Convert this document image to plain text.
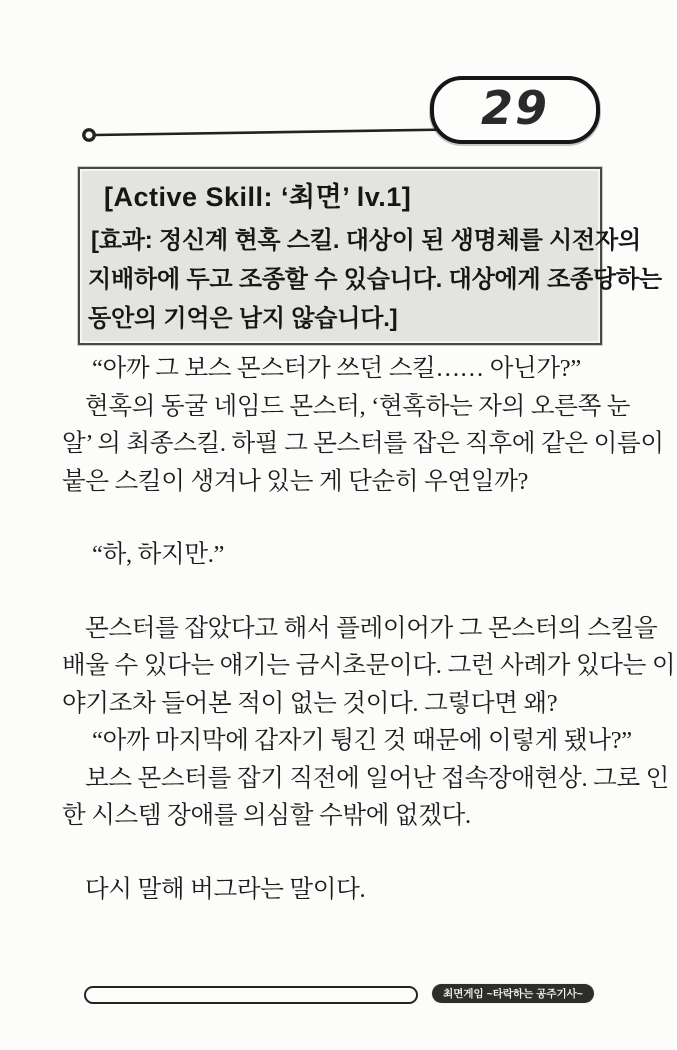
29
[Active Skill: ‘최면’ lv.1]
[효과: 정신계 현혹 스킬. 대상이 된 생명체를 시전자의
지배하에 두고 조종할 수 있습니다. 대상에게 조종당하는
동안의 기억은 남지 않습니다.]
“아까 그 보스 몬스터가 쓰던 스킬…… 아닌가?”
현혹의 동굴 네임드 몬스터, ‘현혹하는 자의 오른쪽 눈
알’ 의 최종스킬. 하필 그 몬스터를 잡은 직후에 같은 이름이
붙은 스킬이 생겨나 있는 게 단순히 우연일까?
“하, 하지만.”
몬스터를 잡았다고 해서 플레이어가 그 몬스터의 스킬을
배울 수 있다는 얘기는 금시초문이다. 그런 사례가 있다는 이
야기조차 들어본 적이 없는 것이다. 그렇다면 왜?
“아까 마지막에 갑자기 튕긴 것 때문에 이렇게 됐나?”
보스 몬스터를 잡기 직전에 일어난 접속장애현상. 그로 인
한 시스템 장애를 의심할 수밖에 없겠다.
다시 말해 버그라는 말이다.
최면게임 ~타락하는 공주기사~
